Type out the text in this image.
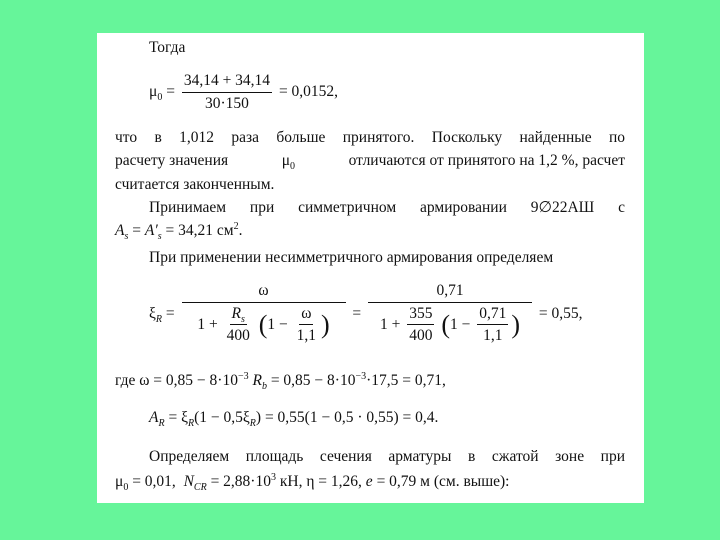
Тогда
$\mu_0 = \frac{34,14 + 34,14}{30\cdot 150} = 0,0152$,
что в 1,012 раза больше принятого. Поскольку найденные по
расчету значения	$\mu_0$	отличаются от принятого на 1,2 %, расчет
считается законченным.
Принимаем при симметричном армировании 9∅22АШ с
$A_s = A'_s = 34,21$ $см^2$.
При применении несимметричного армирования определяем
$\xi_R$ =
ω
$1 + \frac{R_s}{400} (1 - \frac{\omega}{1,1}$ ) =
0,71
$1 + \frac{355}{400} (1 - \frac{0,71}{1,1}$ ) = 0,55,
где $\omega = 0,85 - 8\cdot 10^{-3}$ $R_b = 0,85 - 8\cdot 10^{-3}\cdot 17,5 = 0,71$,
$A_R = \xi_R(1 - 0,5\xi_R) = 0,55(1 - 0,5 \cdot 0,55) = 0,4$.
Определяем площадь сечения арматуры в сжатой зоне при
$\mu_0 = 0,01$, $N_{CR} = 2,88\cdot 10^3$ кН, η = 1,26, e = 0,79 м (см. выше):
